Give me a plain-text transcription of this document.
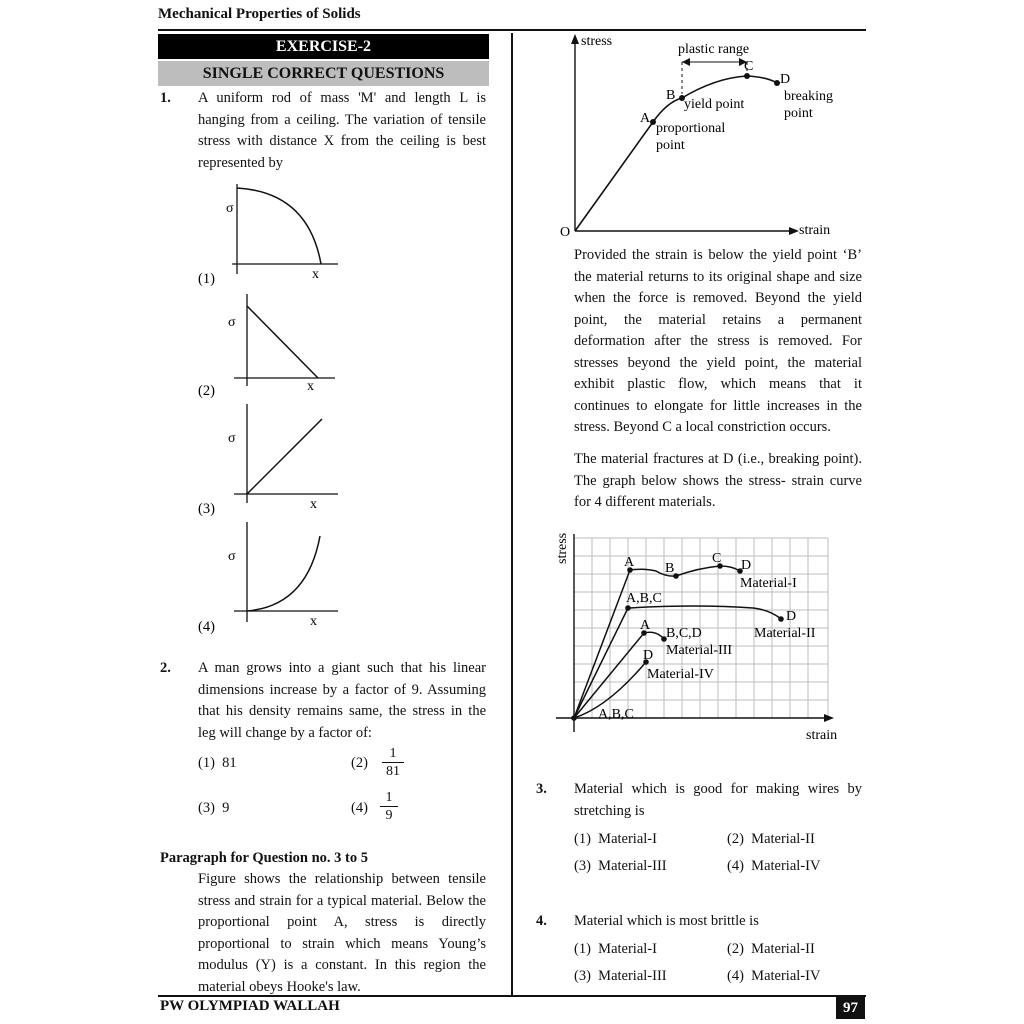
Mechanical Properties of Solids
PW OLYMPIAD WALLAH	97
EXERCISE-2
SINGLE CORRECT QUESTIONS
1. A uniform rod of mass 'M' and length L is hanging from a ceiling. The variation of tensile stress with distance X from the ceiling is best represented by
σ
x
(1)
σ
x
(2)
σ
x
(3)
σ
x
(4)
2. A man grows into a giant such that his linear dimensions increase by a factor of 9. Assuming that his density remains same, the stress in the leg will change by a factor of:
(1) 81	$(2) \frac{1}{81}$
(3) 9	$(4) \frac{1}{9}$
Paragraph for Question no. 3 to 5
Figure shows the relationship between tensile stress and strain for a typical material. Below the proportional point A, stress is directly proportional to strain which means Young’s modulus (Y) is a constant. In this region the material obeys Hooke's law.
stress
strain
O
plastic range
A
B
C
D
proportional
point
yield point
breaking
point
Provided the strain is below the yield point ‘B’ the material returns to its original shape and size when the force is removed. Beyond the yield point, the material retains a permanent deformation after the stress is removed. For stresses beyond the yield point, the material exhibit plastic flow, which means that it continues to elongate for little increases in the stress. Beyond C a local constriction occurs.
The material fractures at D (i.e., breaking point). The graph below shows the stress- strain curve for 4 different materials.
stress
strain
A B
C D
Material-I
A,B,C
D
Material-II
A
B,C,D
Material-III
D
Material-IV
A,B,C
3. Material which is good for making wires by stretching is
(1) Material-I	(2) Material-II
(3) Material-III	(4) Material-IV
4. Material which is most brittle is
(1) Material-I	(2) Material-II
(3) Material-III	(4) Material-IV
